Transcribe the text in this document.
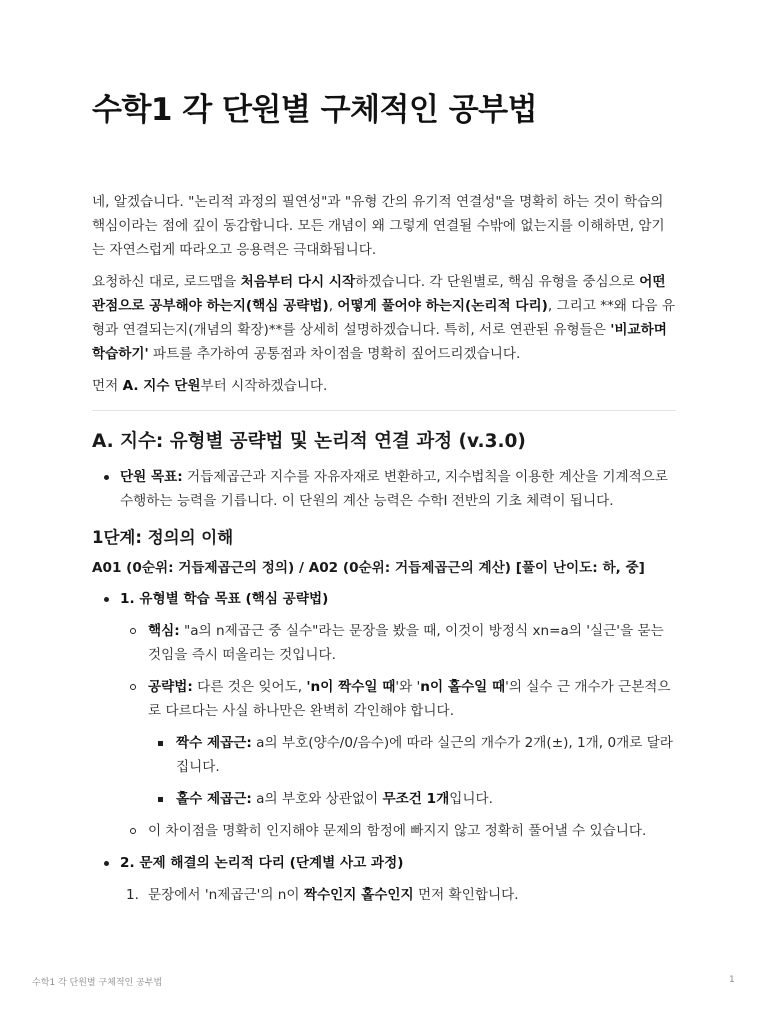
수학1 각 단원별 구체적인 공부법

네, 알겠습니다. "논리적 과정의 필연성"과 "유형 간의 유기적 연결성"을 명확히 하는 것이 학습의 핵심이라는 점에 깊이 동감합니다. 모든 개념이 왜 그렇게 연결될 수밖에 없는지를 이해하면, 암기는 자연스럽게 따라오고 응용력은 극대화됩니다.

요청하신 대로, 로드맵을 처음부터 다시 시작하겠습니다. 각 단원별로, 핵심 유형을 중심으로 어떤 관점으로 공부해야 하는지(핵심 공략법), 어떻게 풀어야 하는지(논리적 다리), 그리고 **왜 다음 유형과 연결되는지(개념의 확장)**를 상세히 설명하겠습니다. 특히, 서로 연관된 유형들은 '비교하며 학습하기' 파트를 추가하여 공통점과 차이점을 명확히 짚어드리겠습니다.

먼저 A. 지수 단원부터 시작하겠습니다.

A. 지수: 유형별 공략법 및 논리적 연결 과정 (v.3.0)
단원 목표: 거듭제곱근과 지수를 자유자재로 변환하고, 지수법칙을 이용한 계산을 기계적으로 수행하는 능력을 기릅니다. 이 단원의 계산 능력은 수학I 전반의 기초 체력이 됩니다.
1단계: 정의의 이해
A01 (0순위: 거듭제곱근의 정의) / A02 (0순위: 거듭제곱근의 계산) [풀이 난이도: 하, 중]
1. 유형별 학습 목표 (핵심 공략법)
핵심: "a의 n제곱근 중 실수"라는 문장을 봤을 때, 이것이 방정식 xn=a의 '실근'을 묻는 것임을 즉시 떠올리는 것입니다.
공략법: 다른 것은 잊어도, 'n이 짝수일 때'와 'n이 홀수일 때'의 실수 근 개수가 근본적으로 다르다는 사실 하나만은 완벽히 각인해야 합니다.
짝수 제곱근: a의 부호(양수/0/음수)에 따라 실근의 개수가 2개(±), 1개, 0개로 달라집니다.
홀수 제곱근: a의 부호와 상관없이 무조건 1개입니다.
이 차이점을 명확히 인지해야 문제의 함정에 빠지지 않고 정확히 풀어낼 수 있습니다.
2. 문제 해결의 논리적 다리 (단계별 사고 과정)
1. 문장에서 'n제곱근'의 n이 짝수인지 홀수인지 먼저 확인합니다.
수학1 각 단원별 구체적인 공부법	1
